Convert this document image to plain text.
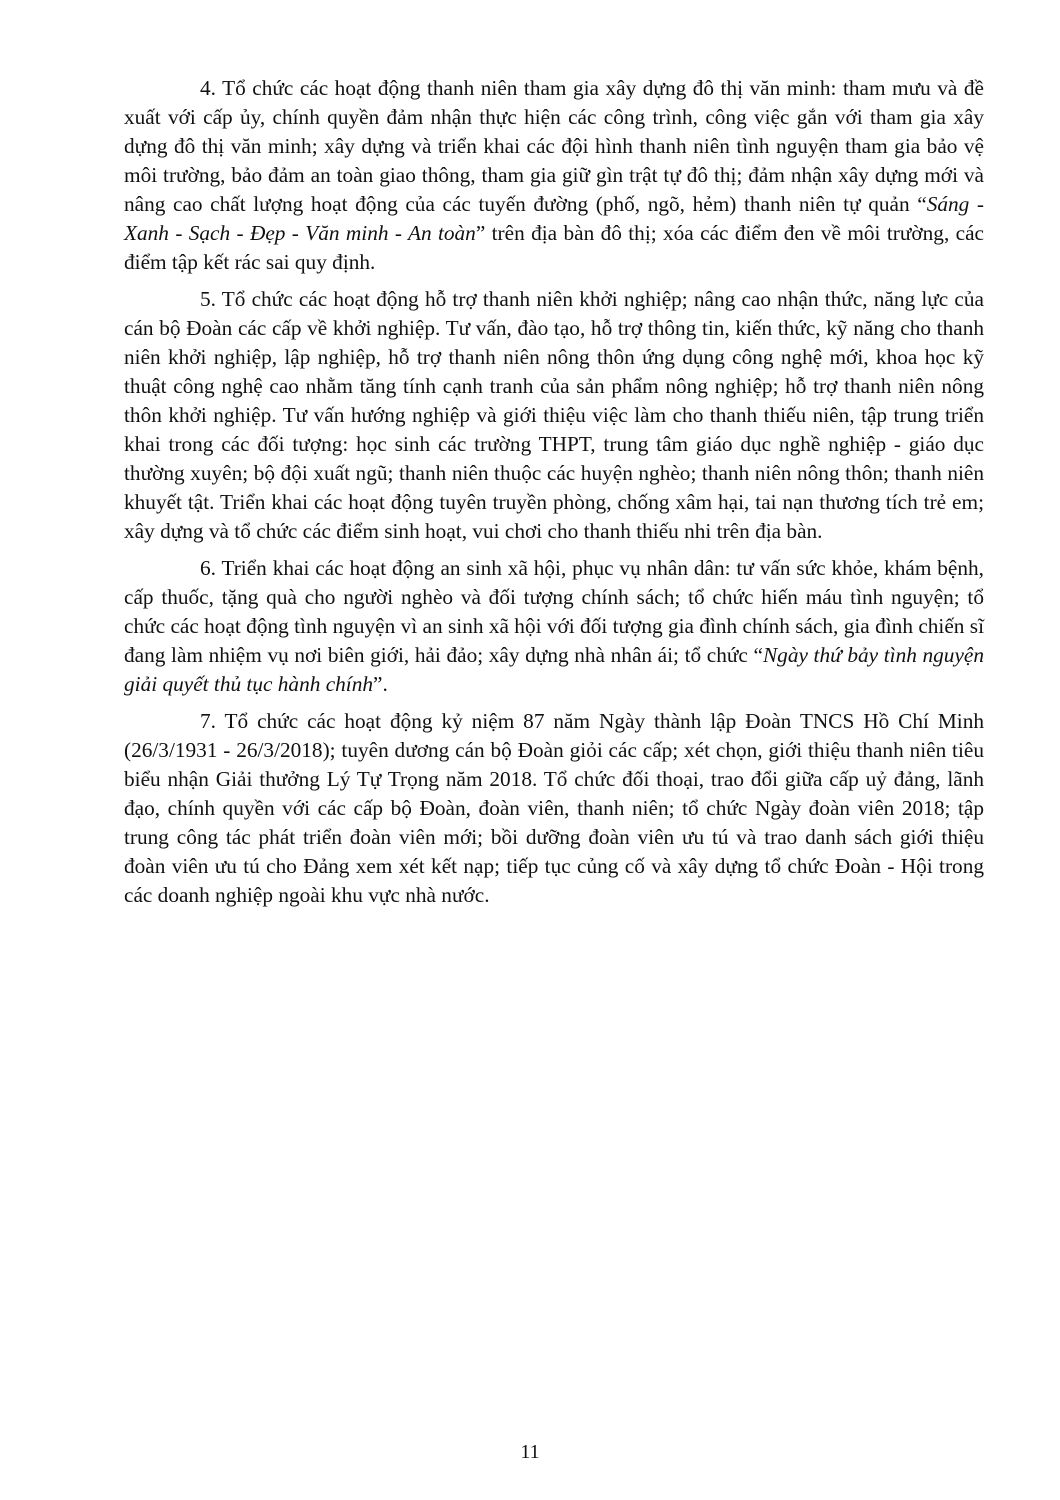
4. Tổ chức các hoạt động thanh niên tham gia xây dựng đô thị văn minh: tham mưu và đề xuất với cấp ủy, chính quyền đảm nhận thực hiện các công trình, công việc gắn với tham gia xây dựng đô thị văn minh; xây dựng và triển khai các đội hình thanh niên tình nguyện tham gia bảo vệ môi trường, bảo đảm an toàn giao thông, tham gia giữ gìn trật tự đô thị; đảm nhận xây dựng mới và nâng cao chất lượng hoạt động của các tuyến đường (phố, ngõ, hẻm) thanh niên tự quản “Sáng - Xanh - Sạch - Đẹp - Văn minh - An toàn” trên địa bàn đô thị; xóa các điểm đen về môi trường, các điểm tập kết rác sai quy định.

5. Tổ chức các hoạt động hỗ trợ thanh niên khởi nghiệp; nâng cao nhận thức, năng lực của cán bộ Đoàn các cấp về khởi nghiệp. Tư vấn, đào tạo, hỗ trợ thông tin, kiến thức, kỹ năng cho thanh niên khởi nghiệp, lập nghiệp, hỗ trợ thanh niên nông thôn ứng dụng công nghệ mới, khoa học kỹ thuật công nghệ cao nhằm tăng tính cạnh tranh của sản phẩm nông nghiệp; hỗ trợ thanh niên nông thôn khởi nghiệp. Tư vấn hướng nghiệp và giới thiệu việc làm cho thanh thiếu niên, tập trung triển khai trong các đối tượng: học sinh các trường THPT, trung tâm giáo dục nghề nghiệp - giáo dục thường xuyên; bộ đội xuất ngũ; thanh niên thuộc các huyện nghèo; thanh niên nông thôn; thanh niên khuyết tật. Triển khai các hoạt động tuyên truyền phòng, chống xâm hại, tai nạn thương tích trẻ em; xây dựng và tổ chức các điểm sinh hoạt, vui chơi cho thanh thiếu nhi trên địa bàn.

6. Triển khai các hoạt động an sinh xã hội, phục vụ nhân dân: tư vấn sức khỏe, khám bệnh, cấp thuốc, tặng quà cho người nghèo và đối tượng chính sách; tổ chức hiến máu tình nguyện; tổ chức các hoạt động tình nguyện vì an sinh xã hội với đối tượng gia đình chính sách, gia đình chiến sĩ đang làm nhiệm vụ nơi biên giới, hải đảo; xây dựng nhà nhân ái; tổ chức “Ngày thứ bảy tình nguyện giải quyết thủ tục hành chính”.

7. Tổ chức các hoạt động kỷ niệm 87 năm Ngày thành lập Đoàn TNCS Hồ Chí Minh (26/3/1931 - 26/3/2018); tuyên dương cán bộ Đoàn giỏi các cấp; xét chọn, giới thiệu thanh niên tiêu biểu nhận Giải thưởng Lý Tự Trọng năm 2018. Tổ chức đối thoại, trao đổi giữa cấp uỷ đảng, lãnh đạo, chính quyền với các cấp bộ Đoàn, đoàn viên, thanh niên; tổ chức Ngày đoàn viên 2018; tập trung công tác phát triển đoàn viên mới; bồi dưỡng đoàn viên ưu tú và trao danh sách giới thiệu đoàn viên ưu tú cho Đảng xem xét kết nạp; tiếp tục củng cố và xây dựng tổ chức Đoàn - Hội trong các doanh nghiệp ngoài khu vực nhà nước.

11
